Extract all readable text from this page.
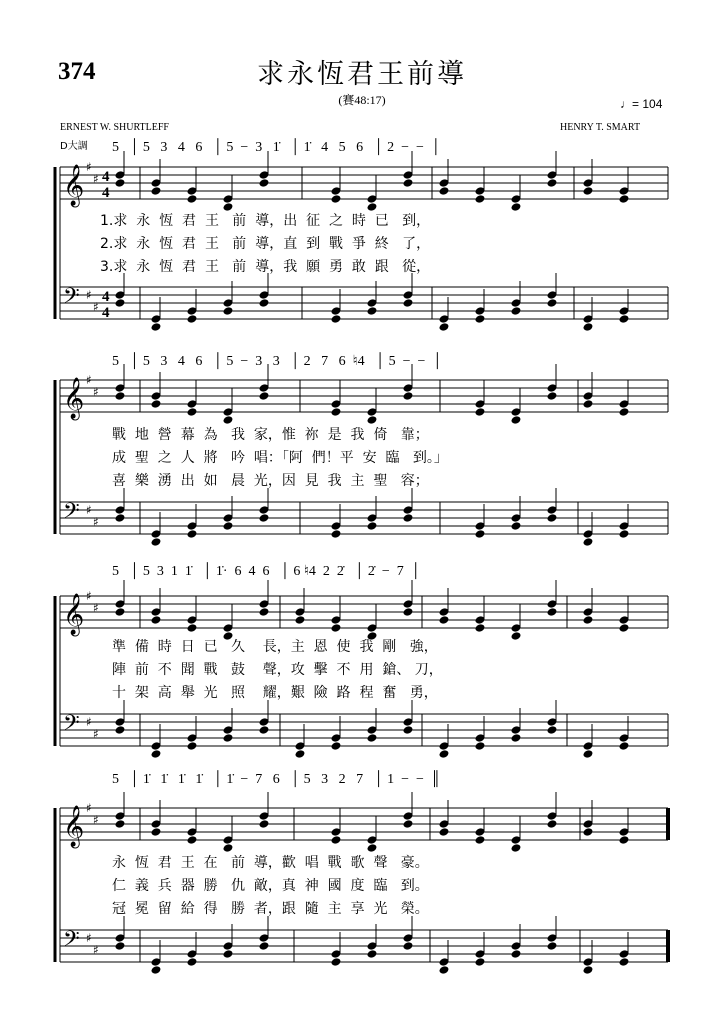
374	求永恆君王前導
(賽48:17)	♩= 104
ERNEST W. SHURTLEFF	HENRY T. SMART
D大調 5   │ 5   3   4   6   │ 5  −  3   1̇   │ 1̇   4   5   6   │ 2  −  −  │
1.求  永  恆  君  王   前  導，出  征  之  時  已   到，
2.求  永  恆  君  王   前  導，直  到  戰  爭  終   了，
3.求  永  恆  君  王   前  導，我  願  勇  敢  跟   從，
5   │ 5   3   4   6   │ 5  −  3   3   │ 2   7   6  ♮4   │ 5  −  −  │
戰  地  營  幕  為   我  家，惟  祢  是  我  倚   靠；
成  聖  之  人  將   吟  唱：「阿  們！平  安  臨   到。」
喜  樂  湧  出  如   晨  光，因  見  我  主  聖   容；
5   │ 5  3  1  1̇   │ 1̇·  6  4  6   │ 6 ♮4  2  2̇   │ 2̇  −  7  │
準  備  時  日  已   久    長，主  恩  使  我  剛   強，
陣  前  不  聞  戰   鼓    聲，攻  擊  不  用  鎗、 刀，
十  架  高  舉  光   照    耀，艱  險  路  程  奮   勇，
5   │ 1̇   1̇   1̇   1̇   │ 1̇  −  7   6   │ 5   3   2   7   │ 1  −  −  ║
永  恆  君  王  在   前  導，歡  唱  戰  歌  聲   豪。
仁  義  兵  器  勝   仇  敵，真  神  國  度  臨   到。
冠  冕  留  給  得   勝  者，跟  隨  主  享  光   榮。
𝄞 ♯
♯ 4
4
𝄢 ♯
♯
4
4
𝄞 ♯
♯
𝄢 ♯
♯
𝄞 ♯
♯
𝄢 ♯
♯
𝄞 ♯
♯
𝄢 ♯
♯
